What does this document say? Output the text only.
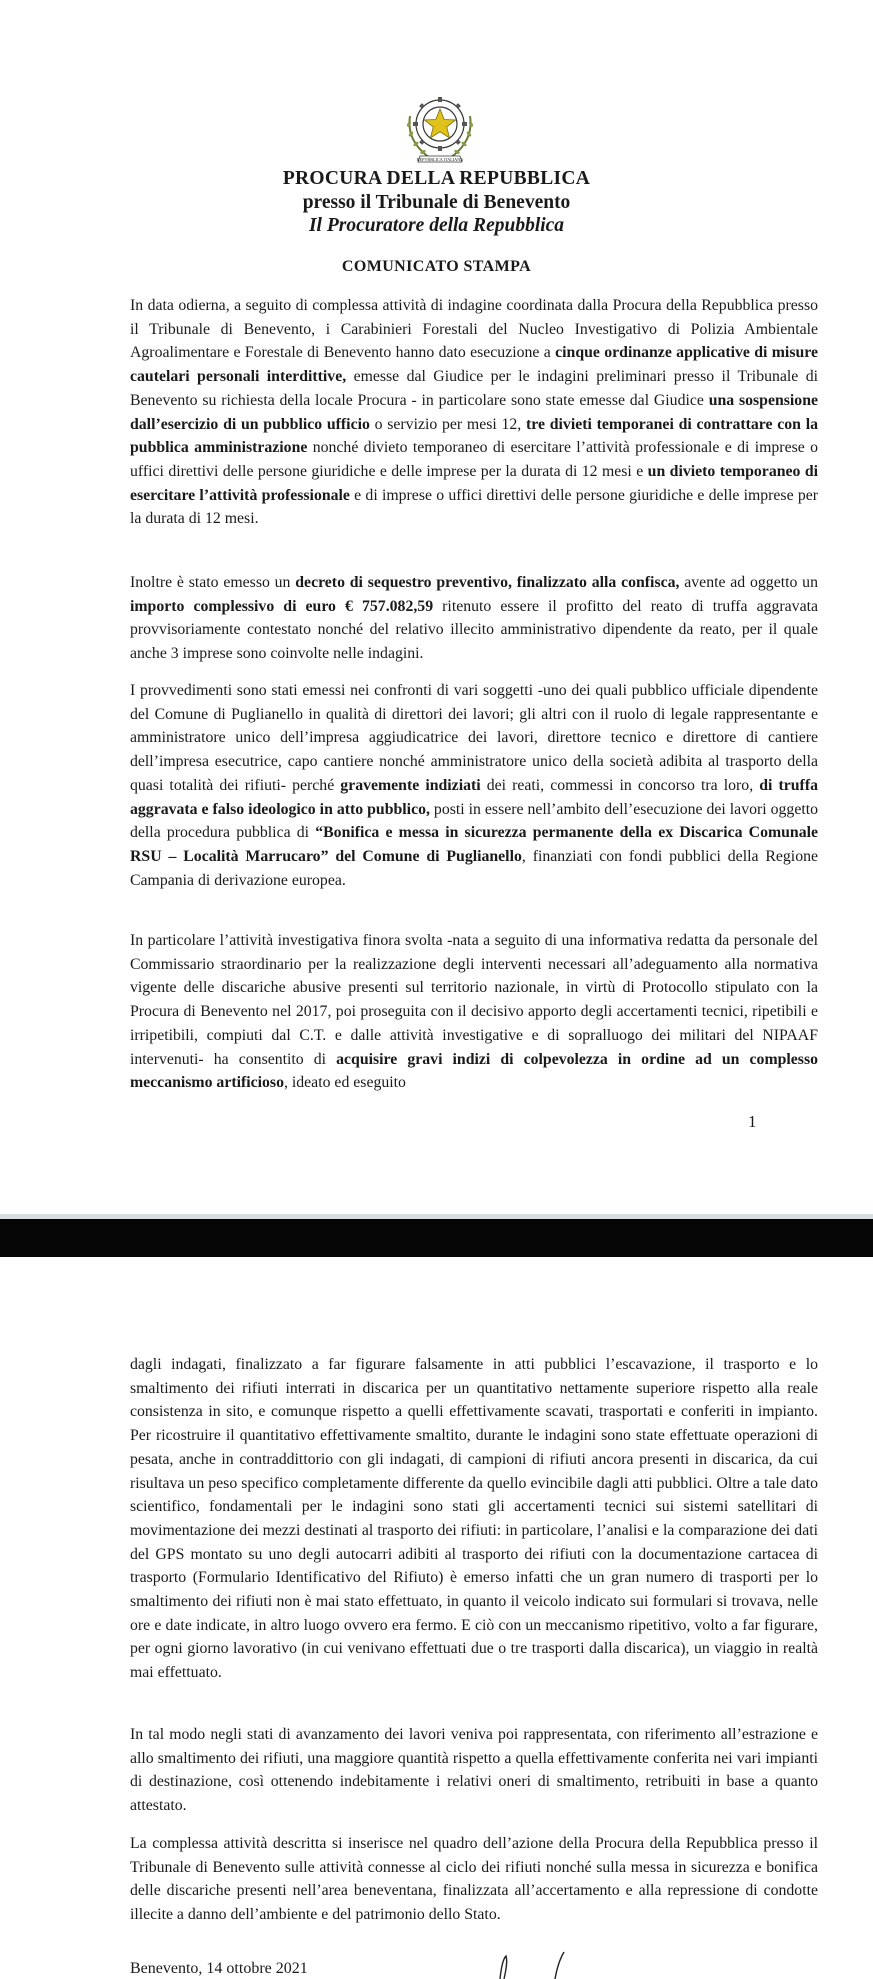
REPVBBLICA ITALIANA
PROCURA DELLA REPUBBLICA
presso il Tribunale di Benevento
Il Procuratore della Repubblica
COMUNICATO STAMPA

In data odierna, a seguito di complessa attività di indagine coordinata dalla Procura della Repubblica presso il Tribunale di Benevento, i Carabinieri Forestali del Nucleo Investigativo di Polizia Ambientale Agroalimentare e Forestale di Benevento hanno dato esecuzione a cinque ordinanze applicative di misure cautelari personali interdittive, emesse dal Giudice per le indagini preliminari presso il Tribunale di Benevento su richiesta della locale Procura - in particolare sono state emesse dal Giudice una sospensione dall’esercizio di un pubblico ufficio o servizio per mesi 12, tre divieti temporanei di contrattare con la pubblica amministrazione nonché divieto temporaneo di esercitare l’attività professionale e di imprese o uffici direttivi delle persone giuridiche e delle imprese per la durata di 12 mesi e un divieto temporaneo di esercitare l’attività professionale e di imprese o uffici direttivi delle persone giuridiche e delle imprese per la durata di 12 mesi.

Inoltre è stato emesso un decreto di sequestro preventivo, finalizzato alla confisca, avente ad oggetto un importo complessivo di euro € 757.082,59 ritenuto essere il profitto del reato di truffa aggravata provvisoriamente contestato nonché del relativo illecito amministrativo dipendente da reato, per il quale anche 3 imprese sono coinvolte nelle indagini.

I provvedimenti sono stati emessi nei confronti di vari soggetti -uno dei quali pubblico ufficiale dipendente del Comune di Puglianello in qualità di direttori dei lavori; gli altri con il ruolo di legale rappresentante e amministratore unico dell’impresa aggiudicatrice dei lavori, direttore tecnico e direttore di cantiere dell’impresa esecutrice, capo cantiere nonché amministratore unico della società adibita al trasporto della quasi totalità dei rifiuti- perché gravemente indiziati dei reati, commessi in concorso tra loro, di truffa aggravata e falso ideologico in atto pubblico, posti in essere nell’ambito dell’esecuzione dei lavori oggetto della procedura pubblica di “Bonifica e messa in sicurezza permanente della ex Discarica Comunale RSU – Località Marrucaro” del Comune di Puglianello, finanziati con fondi pubblici della Regione Campania di derivazione europea.

In particolare l’attività investigativa finora svolta -nata a seguito di una informativa redatta da personale del Commissario straordinario per la realizzazione degli interventi necessari all’adeguamento alla normativa vigente delle discariche abusive presenti sul territorio nazionale, in virtù di Protocollo stipulato con la Procura di Benevento nel 2017, poi proseguita con il decisivo apporto degli accertamenti tecnici, ripetibili e irripetibili, compiuti dal C.T. e dalle attività investigative e di sopralluogo dei militari del NIPAAF intervenuti- ha consentito di acquisire gravi indizi di colpevolezza in ordine ad un complesso meccanismo artificioso, ideato ed eseguito

1

dagli indagati, finalizzato a far figurare falsamente in atti pubblici l’escavazione, il trasporto e lo smaltimento dei rifiuti interrati in discarica per un quantitativo nettamente superiore rispetto alla reale consistenza in sito, e comunque rispetto a quelli effettivamente scavati, trasportati e conferiti in impianto. Per ricostruire il quantitativo effettivamente smaltito, durante le indagini sono state effettuate operazioni di pesata, anche in contraddittorio con gli indagati, di campioni di rifiuti ancora presenti in discarica, da cui risultava un peso specifico completamente differente da quello evincibile dagli atti pubblici. Oltre a tale dato scientifico, fondamentali per le indagini sono stati gli accertamenti tecnici sui sistemi satellitari di movimentazione dei mezzi destinati al trasporto dei rifiuti: in particolare, l’analisi e la comparazione dei dati del GPS montato su uno degli autocarri adibiti al trasporto dei rifiuti con la documentazione cartacea di trasporto (Formulario Identificativo del Rifiuto) è emerso infatti che un gran numero di trasporti per lo smaltimento dei rifiuti non è mai stato effettuato, in quanto il veicolo indicato sui formulari si trovava, nelle ore e date indicate, in altro luogo ovvero era fermo. E ciò con un meccanismo ripetitivo, volto a far figurare, per ogni giorno lavorativo (in cui venivano effettuati due o tre trasporti dalla discarica), un viaggio in realtà mai effettuato.

In tal modo negli stati di avanzamento dei lavori veniva poi rappresentata, con riferimento all’estrazione e allo smaltimento dei rifiuti, una maggiore quantità rispetto a quella effettivamente conferita nei vari impianti di destinazione, così ottenendo indebitamente i relativi oneri di smaltimento, retribuiti in base a quanto attestato.

La complessa attività descritta si inserisce nel quadro dell’azione della Procura della Repubblica presso il Tribunale di Benevento sulle attività connesse al ciclo dei rifiuti nonché sulla messa in sicurezza e bonifica delle discariche presenti nell’area beneventana, finalizzata all’accertamento e alla repressione di condotte illecite a danno dell’ambiente e del patrimonio dello Stato.

Benevento, 14 ottobre 2021
